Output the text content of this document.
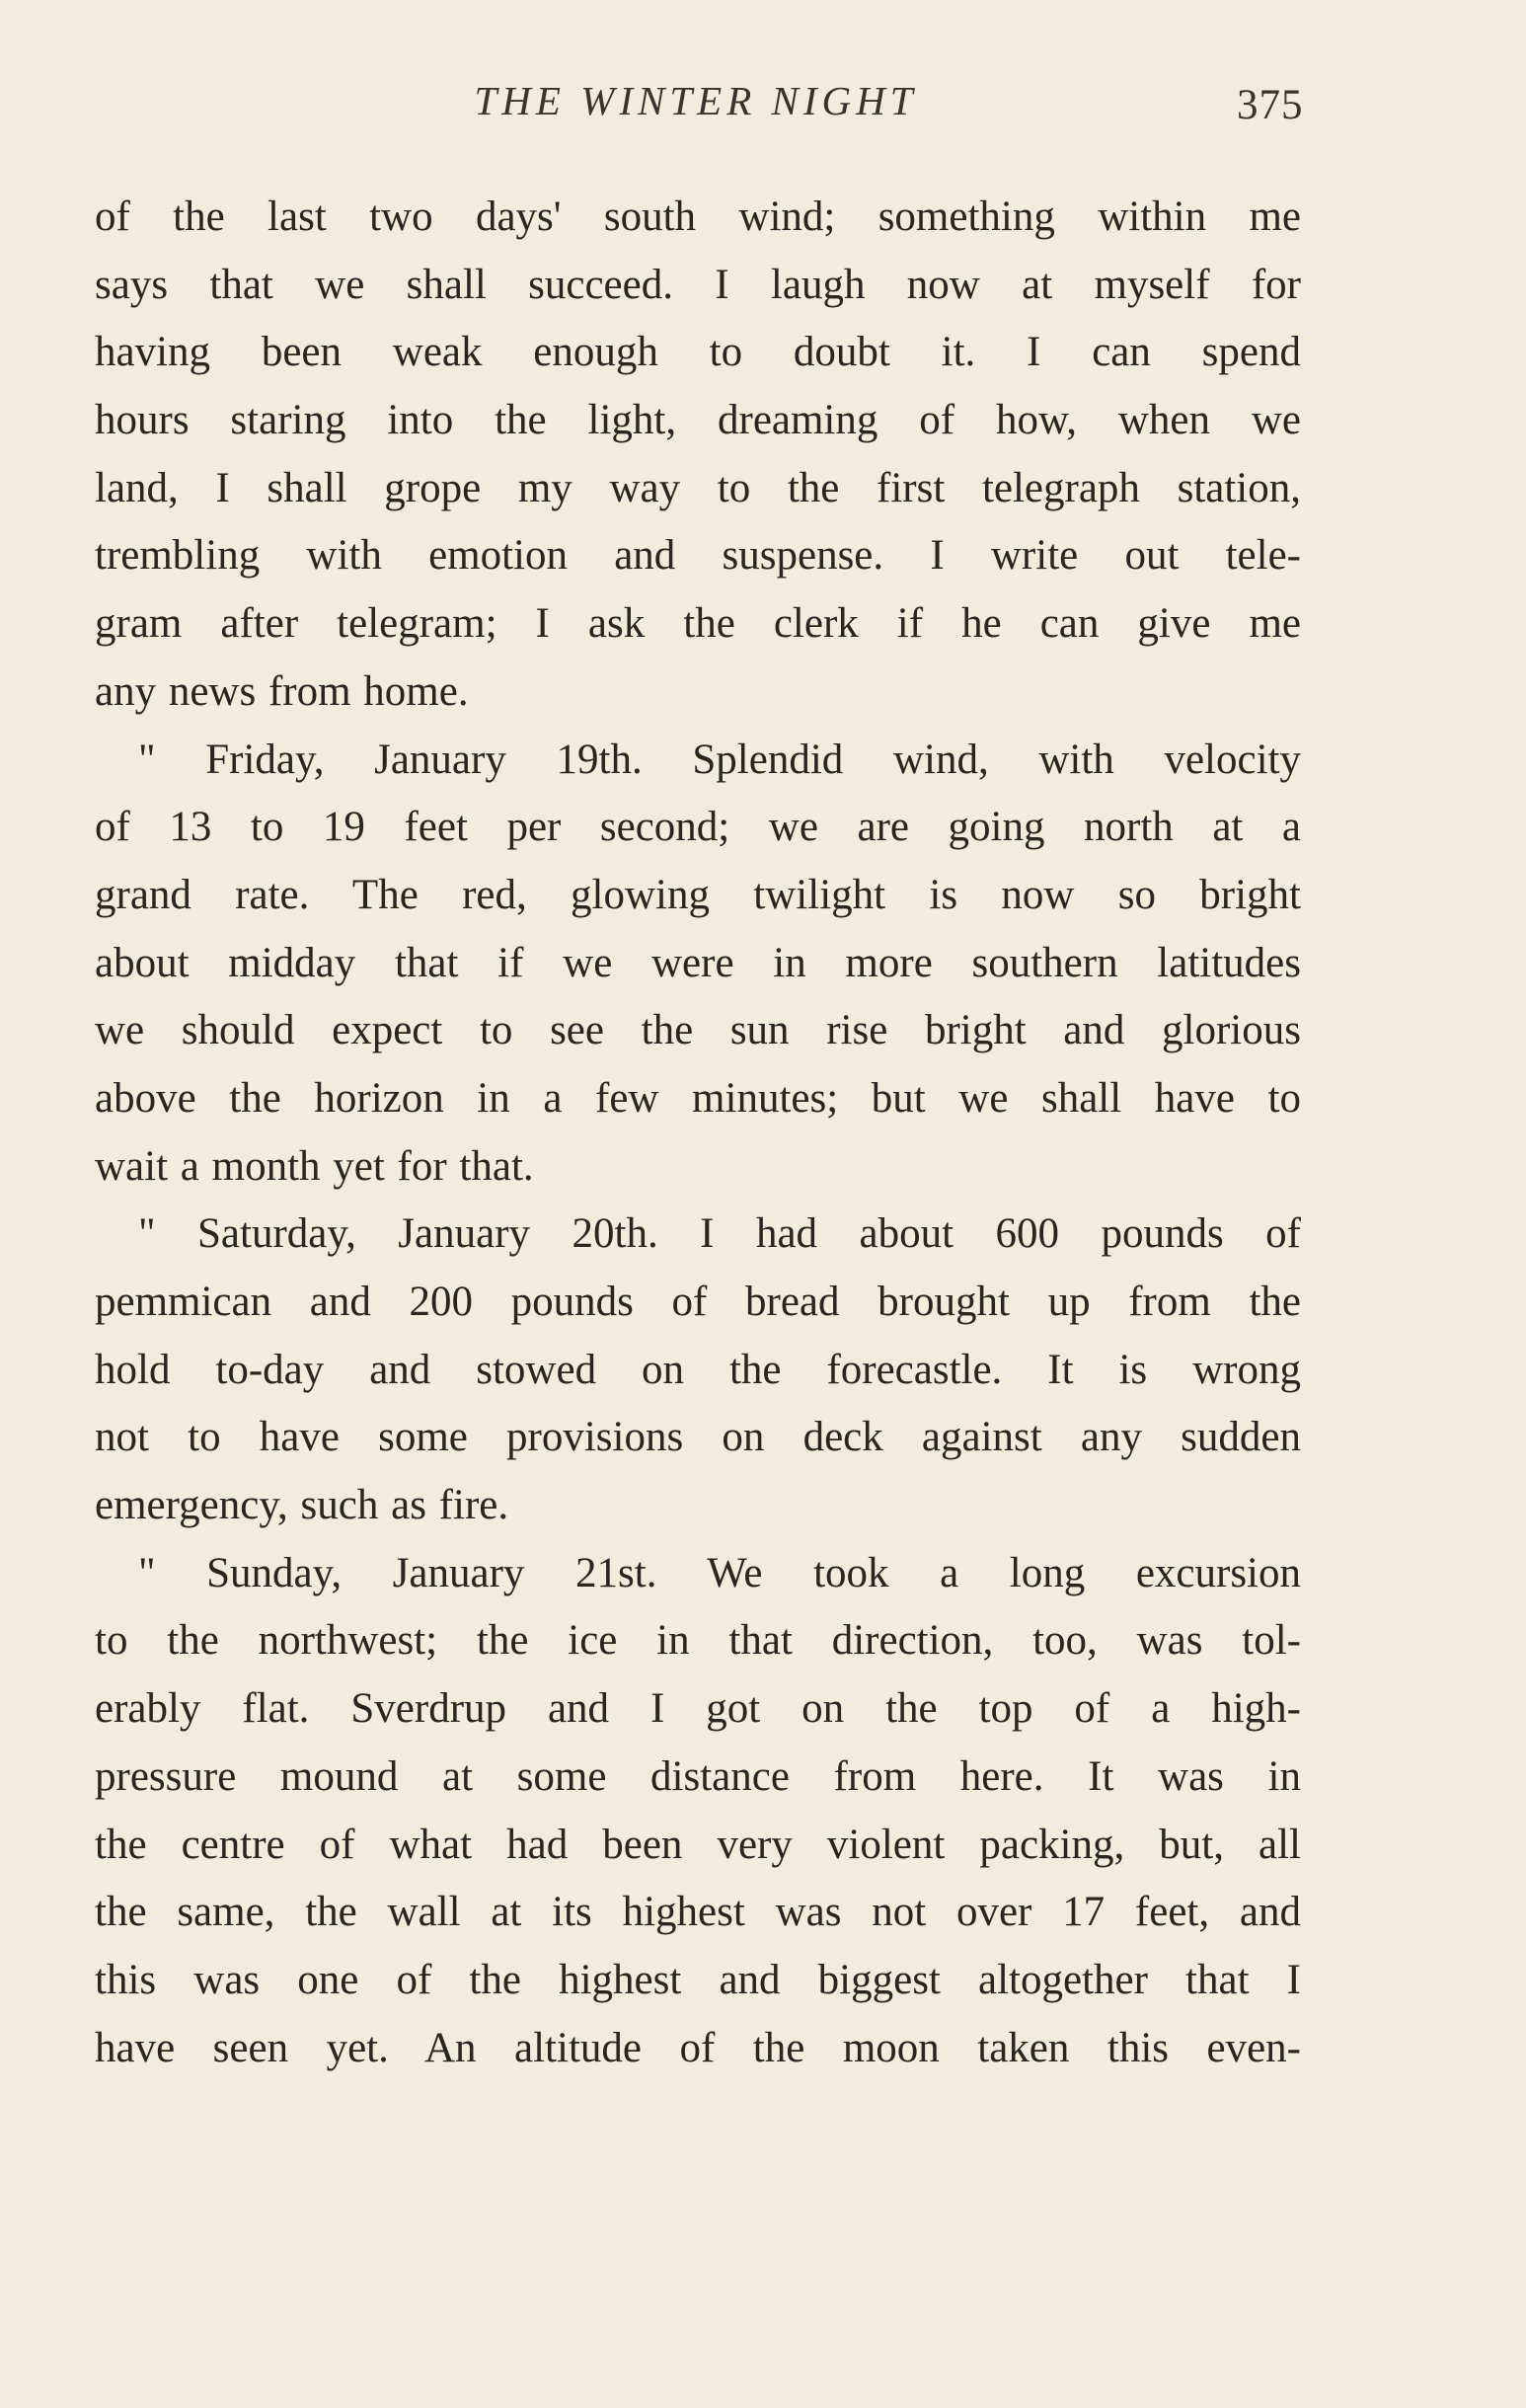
THE WINTER NIGHT	375
of the last two days' south wind; something within me
says that we shall succeed. I laugh now at myself for
having been weak enough to doubt it. I can spend
hours staring into the light, dreaming of how, when we
land, I shall grope my way to the first telegraph station,
trembling with emotion and suspense. I write out tele-
gram after telegram; I ask the clerk if he can give me
any news from home.
" Friday, January 19th. Splendid wind, with velocity
of 13 to 19 feet per second; we are going north at a
grand rate. The red, glowing twilight is now so bright
about midday that if we were in more southern latitudes
we should expect to see the sun rise bright and glorious
above the horizon in a few minutes; but we shall have to
wait a month yet for that.
" Saturday, January 20th. I had about 600 pounds of
pemmican and 200 pounds of bread brought up from the
hold to-day and stowed on the forecastle. It is wrong
not to have some provisions on deck against any sudden
emergency, such as fire.
" Sunday, January 21st. We took a long excursion
to the northwest; the ice in that direction, too, was tol-
erably flat. Sverdrup and I got on the top of a high-
pressure mound at some distance from here. It was in
the centre of what had been very violent packing, but, all
the same, the wall at its highest was not over 17 feet, and
this was one of the highest and biggest altogether that I
have seen yet. An altitude of the moon taken this even-
